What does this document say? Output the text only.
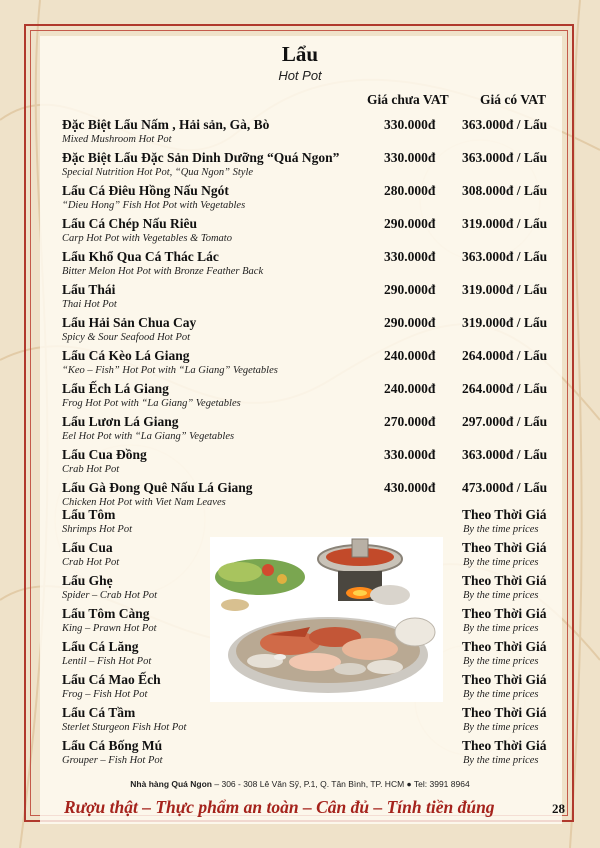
Lẩu
Hot Pot
Giá chưa VAT Giá có VAT
Đặc Biệt Lẩu Nấm , Hải sản, Gà, Bò
Mixed Mushroom Hot Pot
330.000đ 363.000đ / Lẩu
Đặc Biệt Lẩu Đặc Sản Dinh Dưỡng “Quá Ngon”
Special Nutrition Hot Pot, “Qua Ngon” Style
330.000đ 363.000đ / Lẩu
Lẩu Cá Điêu Hồng Nấu Ngót
“Dieu Hong” Fish Hot Pot with Vegetables
280.000đ 308.000đ / Lẩu
Lẩu Cá Chép Nấu Riêu
Carp Hot Pot with Vegetables & Tomato
290.000đ 319.000đ / Lẩu
Lẩu Khổ Qua Cá Thác Lác
Bitter Melon Hot Pot with Bronze Feather Back
330.000đ 363.000đ / Lẩu
Lẩu Thái
Thai Hot Pot
290.000đ 319.000đ / Lẩu
Lẩu Hải Sản Chua Cay
Spicy & Sour Seafood Hot Pot
290.000đ 319.000đ / Lẩu
Lẩu Cá Kèo Lá Giang
“Keo – Fish” Hot Pot with “La Giang” Vegetables
240.000đ 264.000đ / Lẩu
Lẩu Ếch Lá Giang
Frog Hot Pot with “La Giang” Vegetables
240.000đ 264.000đ / Lẩu
Lẩu Lươn Lá Giang
Eel Hot Pot with “La Giang” Vegetables
270.000đ 297.000đ / Lẩu
Lẩu Cua Đồng
Crab Hot Pot
330.000đ 363.000đ / Lẩu
Lẩu Gà Đong Quê Nấu Lá Giang
Chicken Hot Pot with Viet Nam Leaves
430.000đ 473.000đ / Lẩu
Lẩu Tôm
Shrimps Hot Pot
Theo Thời Giá
By the time prices
Lẩu Cua
Crab Hot Pot
Theo Thời Giá
By the time prices
Lẩu Ghẹ
Spider – Crab Hot Pot
Theo Thời Giá
By the time prices
Lẩu Tôm Càng
King – Prawn Hot Pot
Theo Thời Giá
By the time prices
Lẩu Cá Lăng
Lentil – Fish Hot Pot
Theo Thời Giá
By the time prices
Lẩu Cá Mao Ếch
Frog – Fish Hot Pot
Theo Thời Giá
By the time prices
Lẩu Cá Tầm
Sterlet Sturgeon Fish Hot Pot
Theo Thời Giá
By the time prices
Lẩu Cá Bống Mú
Grouper – Fish Hot Pot
Theo Thời Giá
By the time prices
Nhà hàng Quá Ngon – 306 - 308 Lê Văn Sỹ, P.1, Q. Tân Bình, TP. HCM ● Tel: 3991 8964
Rượu thật – Thực phẩm an toàn – Cân đủ – Tính tiền đúng	28
